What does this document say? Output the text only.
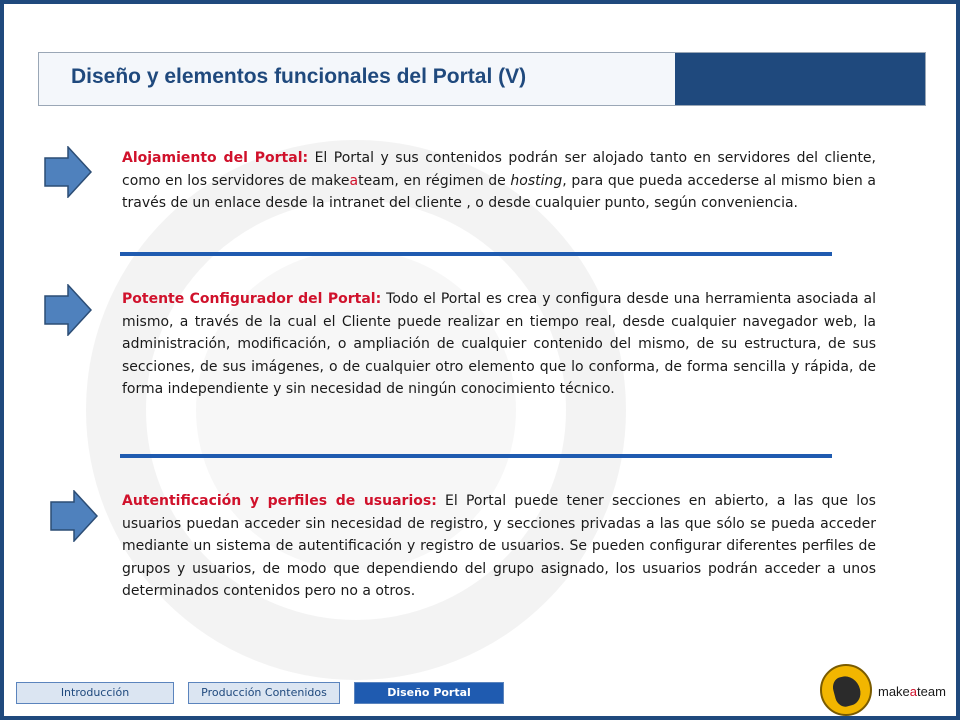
Diseño y elementos funcionales del Portal (V)
Alojamiento del Portal: El Portal y sus contenidos podrán ser alojado tanto en servidores del cliente, como en los servidores de makeateam, en régimen de hosting, para que pueda accederse al mismo bien a través de un enlace desde la intranet del cliente , o desde cualquier punto, según conveniencia.
Potente Configurador del Portal: Todo el Portal es crea y configura desde una herramienta asociada al mismo, a través de la cual el Cliente puede realizar en tiempo real, desde cualquier navegador web, la administración, modificación, o ampliación de cualquier contenido del mismo, de su estructura, de sus secciones, de sus imágenes, o de cualquier otro elemento que lo conforma, de forma sencilla y rápida, de forma independiente y sin necesidad de ningún conocimiento técnico.
Autentificación y perfiles de usuarios: El Portal puede tener secciones en abierto, a las que los usuarios puedan acceder sin necesidad de registro, y secciones privadas a las que sólo se pueda acceder mediante un sistema de autentificación y registro de usuarios. Se pueden configurar diferentes perfiles de grupos y usuarios, de modo que dependiendo del grupo asignado, los usuarios podrán acceder a unos determinados contenidos pero no a otros.
Introducción	Producción Contenidos	Diseño Portal	makeateam
